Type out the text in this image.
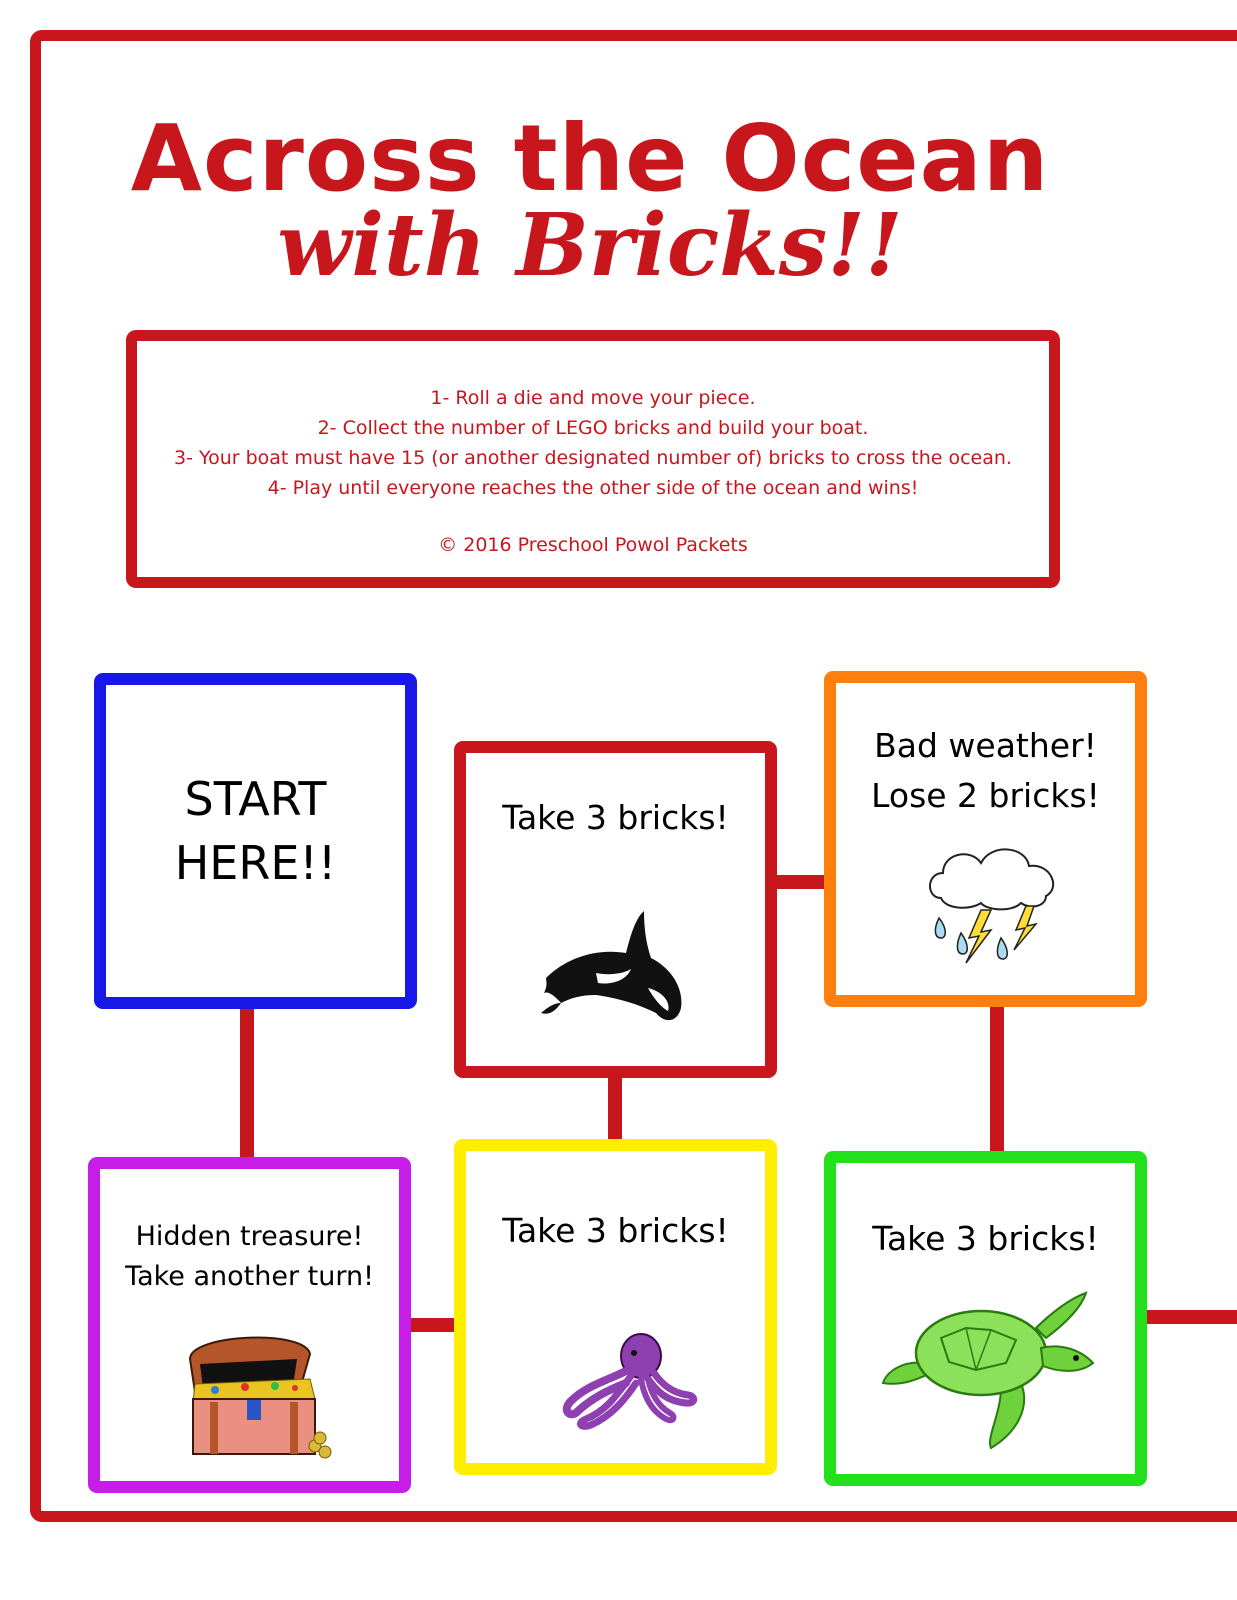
Across the Ocean
with Bricks!!
1- Roll a die and move your piece.
2- Collect the number of LEGO bricks and build your boat.
3- Your boat must have 15 (or another designated number of) bricks to cross the ocean.
4- Play until everyone reaches the other side of the ocean and wins!
© 2016 Preschool Powol Packets
START
HERE!!
Take 3 bricks!
Bad weather!
Lose 2 bricks!
Hidden treasure!
Take another turn!
Take 3 bricks!	Take 3 bricks!
